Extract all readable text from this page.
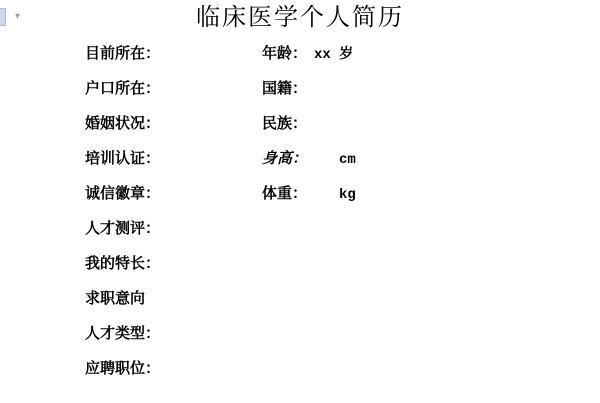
▾	临床医学个人简历
目前所在：	年龄： xx 岁
户口所在：	国籍：
婚姻状况：	民族：
培训认证：	身高： cm
诚信徽章：	体重： kg
人才测评：
我的特长：
求职意向
人才类型：
应聘职位：
